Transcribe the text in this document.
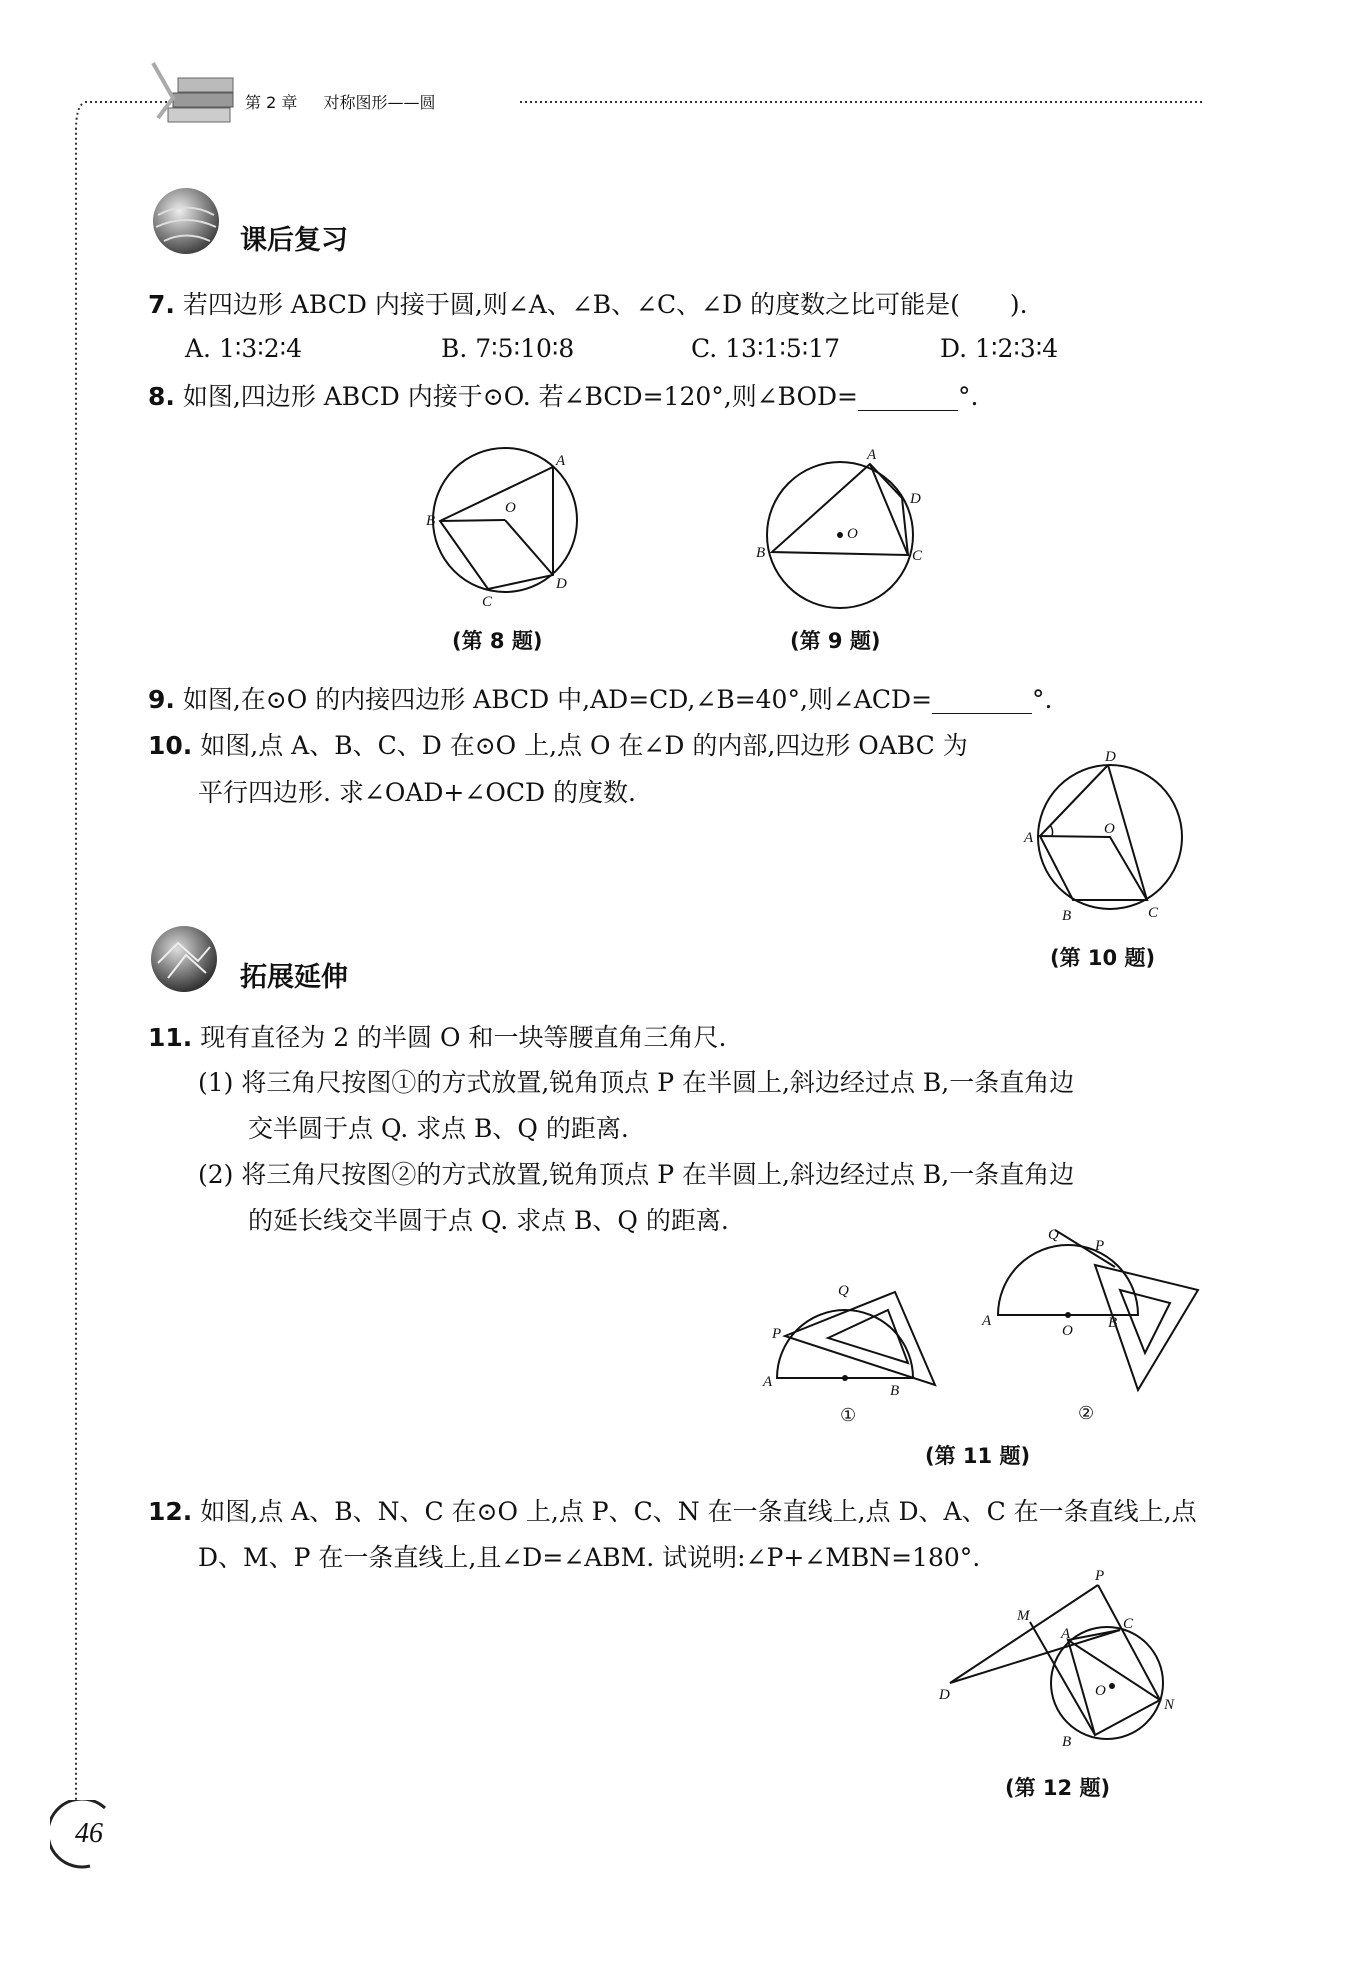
第 2 章 对称图形——圆
课后复习
7. 若四边形 ABCD 内接于圆,则∠A、∠B、∠C、∠D 的度数之比可能是(　　).
A. 1∶3∶2∶4	B. 7∶5∶10∶8	C. 13∶1∶5∶17	D. 1∶2∶3∶4
8. 如图,四边形 ABCD 内接于⊙O. 若∠BCD=120°,则∠BOD=________°.
A
B
C
D
O
(第 8 题)
A
B	C
D
O
(第 9 题)
9. 如图,在⊙O 的内接四边形 ABCD 中,AD=CD,∠B=40°,则∠ACD=________°.
10. 如图,点 A、B、C、D 在⊙O 上,点 O 在∠D 的内部,四边形 OABC 为
平行四边形. 求∠OAD+∠OCD 的度数.
D
A
B	C
O
(第 10 题)
拓展延伸
11. 现有直径为 2 的半圆 O 和一块等腰直角三角尺.
(1) 将三角尺按图①的方式放置,锐角顶点 P 在半圆上,斜边经过点 B,一条直角边
交半圆于点 Q. 求点 B、Q 的距离.
(2) 将三角尺按图②的方式放置,锐角顶点 P 在半圆上,斜边经过点 B,一条直角边
的延长线交半圆于点 Q. 求点 B、Q 的距离.
Q
P
A
B
①
Q
P
A
O B
②
(第 11 题)
12. 如图,点 A、B、N、C 在⊙O 上,点 P、C、N 在一条直线上,点 D、A、C 在一条直线上,点
D、M、P 在一条直线上,且∠D=∠ABM. 试说明:∠P+∠MBN=180°.
P
M	C
A
D	O
N
B
(第 12 题)
46
